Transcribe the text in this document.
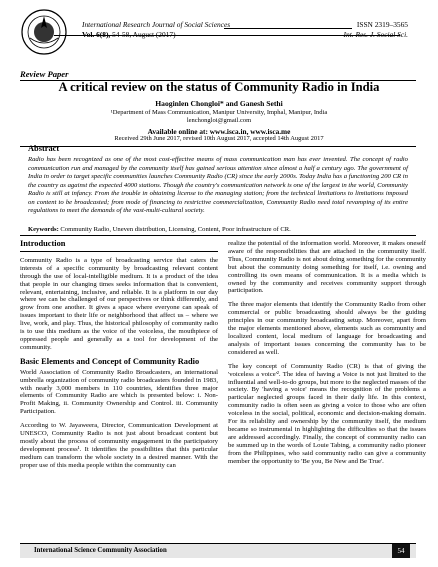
International Research Journal of Social Sciences	ISSN 2319–3565
Vol. 6(8), 54-58, August (2017)	Int. Res. J. Social Sci.
Review Paper
A critical review on the status of Community Radio in India
Haoginlen Chongloi* and Ganesh Sethi
¹Department of Mass Communication, Manipur University, Imphal, Manipur, India
lenchongloi@gmail.com
Available online at: www.isca.in, www.isca.me
Received 29th June 2017, revised 10th August 2017, accepted 14th August 2017
Abstract
Radio has been recognized as one of the most cost-effective means of mass communication man has ever invented. The concept of radio communication run and managed by the community itself has gained serious attention since almost a half a century ago. The government of India in order to target specific communities launches Community Radio (CR) since the early 2000s. Today India has a functioning 200 CR in the country as against the expected 4000 stations. Though the country's communication network is one of the largest in the world, Community Radio is still at infancy. From the trouble in obtaining license to the managing station; from the technical limitations to limitations imposed on content to be broadcasted; from mode of financing to restrictive commercialization, Community Radio need total revamping of its entire regulations to meet the demands of the vast-multi-cultural society.
Keywords: Community Radio, Uneven distribution, Licensing, Content, Poor infrastructure of CR.
Introduction

Community Radio is a type of broadcasting service that caters the interests of a specific community by broadcasting relevant content through the use of local-intelligible medium. It is a product of the idea that people in our changing times seeks information that is convenient, relevant, entertaining, inclusive, and reliable. It is a platform in our day where we can be challenged of our perspectives or think differently, and grow from one another. It gives a space where everyone can speak of issues important to their life or neighborhood that affect us – where we live, work, and play. Thus, the historical philosophy of community radio is to use this medium as the voice of the voiceless, the mouthpiece of oppressed people and generally as a tool for development of the community.

Basic Elements and Concept of Community Radio

World Association of Community Radio Broadcasters, an international umbrella organization of community radio broadcasters founded in 1983, with nearly 3,000 members in 110 countries, identifies three major elements of Community Radio are which is presented below: i. Non-Profit Making, ii. Community Ownership and Control. iii. Community Participation.

According to W. Jayaweera, Director, Communication Development at UNESCO, Community Radio is not just about broadcast content but mostly about the process of community engagement in the participatory development process¹. It identifies the possibilities that this particular medium can transform the whole society in a desired manner. With the proper use of this media people within the community can

realize the potential of the information world. Moreover, it makes oneself aware of the responsibilities that are attached in the community itself. Thus, Community Radio is not about doing something for the community but about the community doing something for itself, i.e. owning and controlling its own means of communication. It is a media which is owned by the community and receives community support through participation.

The three major elements that identify the Community Radio from other commercial or public broadcasting should always be the guiding principles in our community broadcasting setup. Moreover, apart from the major elements mentioned above, elements such as community and localized content, local medium of language for broadcasting and analysis of important issues concerning the community has to be considered as well.

The key concept of Community Radio (CR) is that of giving the 'voiceless a voice'². The idea of having a Voice is not just limited to the influential and well-to-do groups, but more to the neglected masses of the society. By 'having a voice' means the recognition of the problems a particular neglected groups faced in their daily life. In this context, community radio is often seen as giving a voice to those who are often voiceless in the social, political, economic and decision-making domain. For its reliability and ownership by the community itself, the medium became so instrumental in highlighting the difficulties so that the issues are addressed accordingly. Finally, the concept of community radio can be summed up in the words of Louie Tabing, a community radio pioneer from the Philippines, who said community radio can give a community member the opportunity to 'Be you, Be New and Be True'.

International Science Community Association	54
